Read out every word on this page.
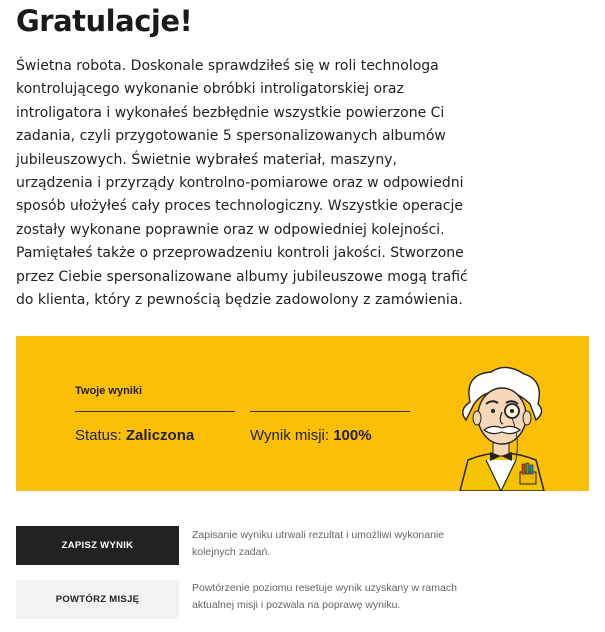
Gratulacje!

Świetna robota. Doskonale sprawdziłeś się w roli technologa kontrolującego wykonanie obróbki introligatorskiej oraz introligatora i wykonałeś bezbłędnie wszystkie powierzone Ci zadania, czyli przygotowanie 5 spersonalizowanych albumów jubileuszowych. Świetnie wybrałeś materiał, maszyny, urządzenia i przyrządy kontrolno-pomiarowe oraz w odpowiedni sposób ułożyłeś cały proces technologiczny. Wszystkie operacje zostały wykonane poprawnie oraz w odpowiedniej kolejności. Pamiętałeś także o przeprowadzeniu kontroli jakości. Stworzone przez Ciebie spersonalizowane albumy jubileuszowe mogą trafić do klienta, który z pewnością będzie zadowolony z zamówienia.

Twoje wyniki
Status: Zaliczona	Wynik misji: 100%
ZAPISZ WYNIK

Zapisanie wyniku utrwali rezultat i umożliwi wykonanie kolejnych zadań.

POWTÓRZ MISJĘ

Powtórzenie poziomu resetuje wynik uzyskany w ramach aktualnej misji i pozwala na poprawę wyniku.
